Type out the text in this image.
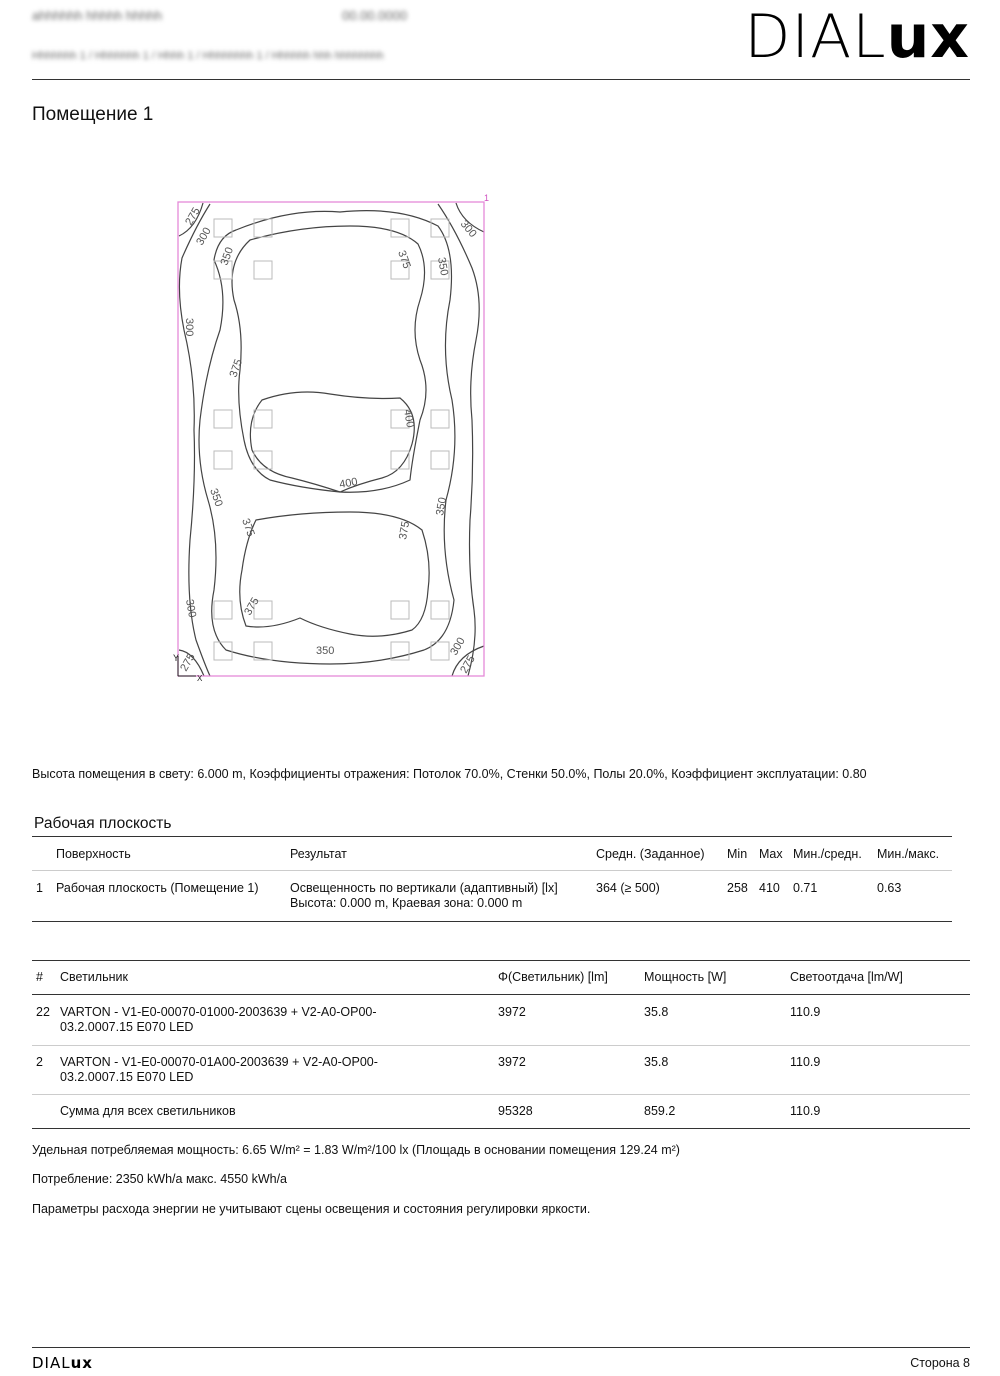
ahhhhhh hhhhh hhhhh	00.00.0000
Hhhhhhh 1 / Hhhhhhh 1 / Hhhh 1 / Hhhhhhhh 1 / Hhhhhh hhh hhhhhhhh	DIALux
Помещение 1
1
Y
X
275
300
350
300
375
375
300
350
400
400
350
375	375
350
300	375
350
275
300
275
Высота помещения в свету: 6.000 m, Коэффициенты отражения: Потолок 70.0%, Стенки 50.0%, Полы 20.0%, Коэффициент эксплуатации: 0.80
Рабочая плоскость
Поверхность	Результат	Средн. (Заданное) Min Max Мин./средн. Мин./макс.
1 Рабочая плоскость (Помещение 1)	Освещенность по вертикали (адаптивный) [lx]
Высота: 0.000 m, Краевая зона: 0.000 m
364 (≥ 500)	258 410 0.71	0.63
# Светильник	Φ(Светильник) [lm]	Мощность [W]	Светоотдача [lm/W]
22 VARTON - V1-E0-00070-01000-2003639 + V2-A0-OP00-
03.2.0007.15 E070 LED
3972	35.8	110.9
2 VARTON - V1-E0-00070-01A00-2003639 + V2-A0-OP00-
03.2.0007.15 E070 LED
3972	35.8	110.9
Сумма для всех светильников	95328	859.2	110.9
Удельная потребляемая мощность: 6.65 W/m² = 1.83 W/m²/100 lx (Площадь в основании помещения 129.24 m²)
Потребление: 2350 kWh/a макс. 4550 kWh/a
Параметры расхода энергии не учитывают сцены освещения и состояния регулировки яркости.
DIALux	Сторона 8
